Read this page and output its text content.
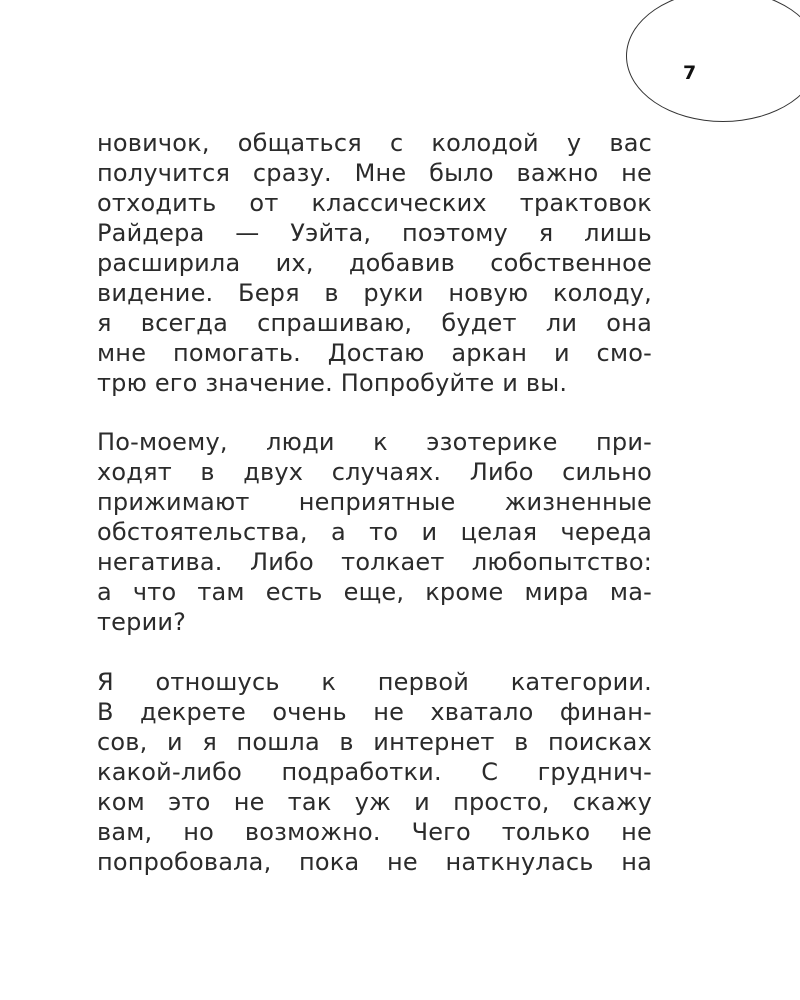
7
новичок, общаться с колодой у вас
получится сразу. Мне было важно не
отходить от классических трактовок
Райдера — Уэйта, поэтому я лишь
расширила их, добавив собственное
видение. Беря в руки новую колоду,
я всегда спрашиваю, будет ли она
мне помогать. Достаю аркан и смо-
трю его значение. Попробуйте и вы.
По-моему, люди к эзотерике при-
ходят в двух случаях. Либо сильно
прижимают неприятные жизненные
обстоятельства, а то и целая череда
негатива. Либо толкает любопытство:
а что там есть еще, кроме мира ма-
терии?
Я отношусь к первой категории.
В декрете очень не хватало финан-
сов, и я пошла в интернет в поисках
какой-либо подработки. С груднич-
ком это не так уж и просто, скажу
вам, но возможно. Чего только не
попробовала, пока не наткнулась на
